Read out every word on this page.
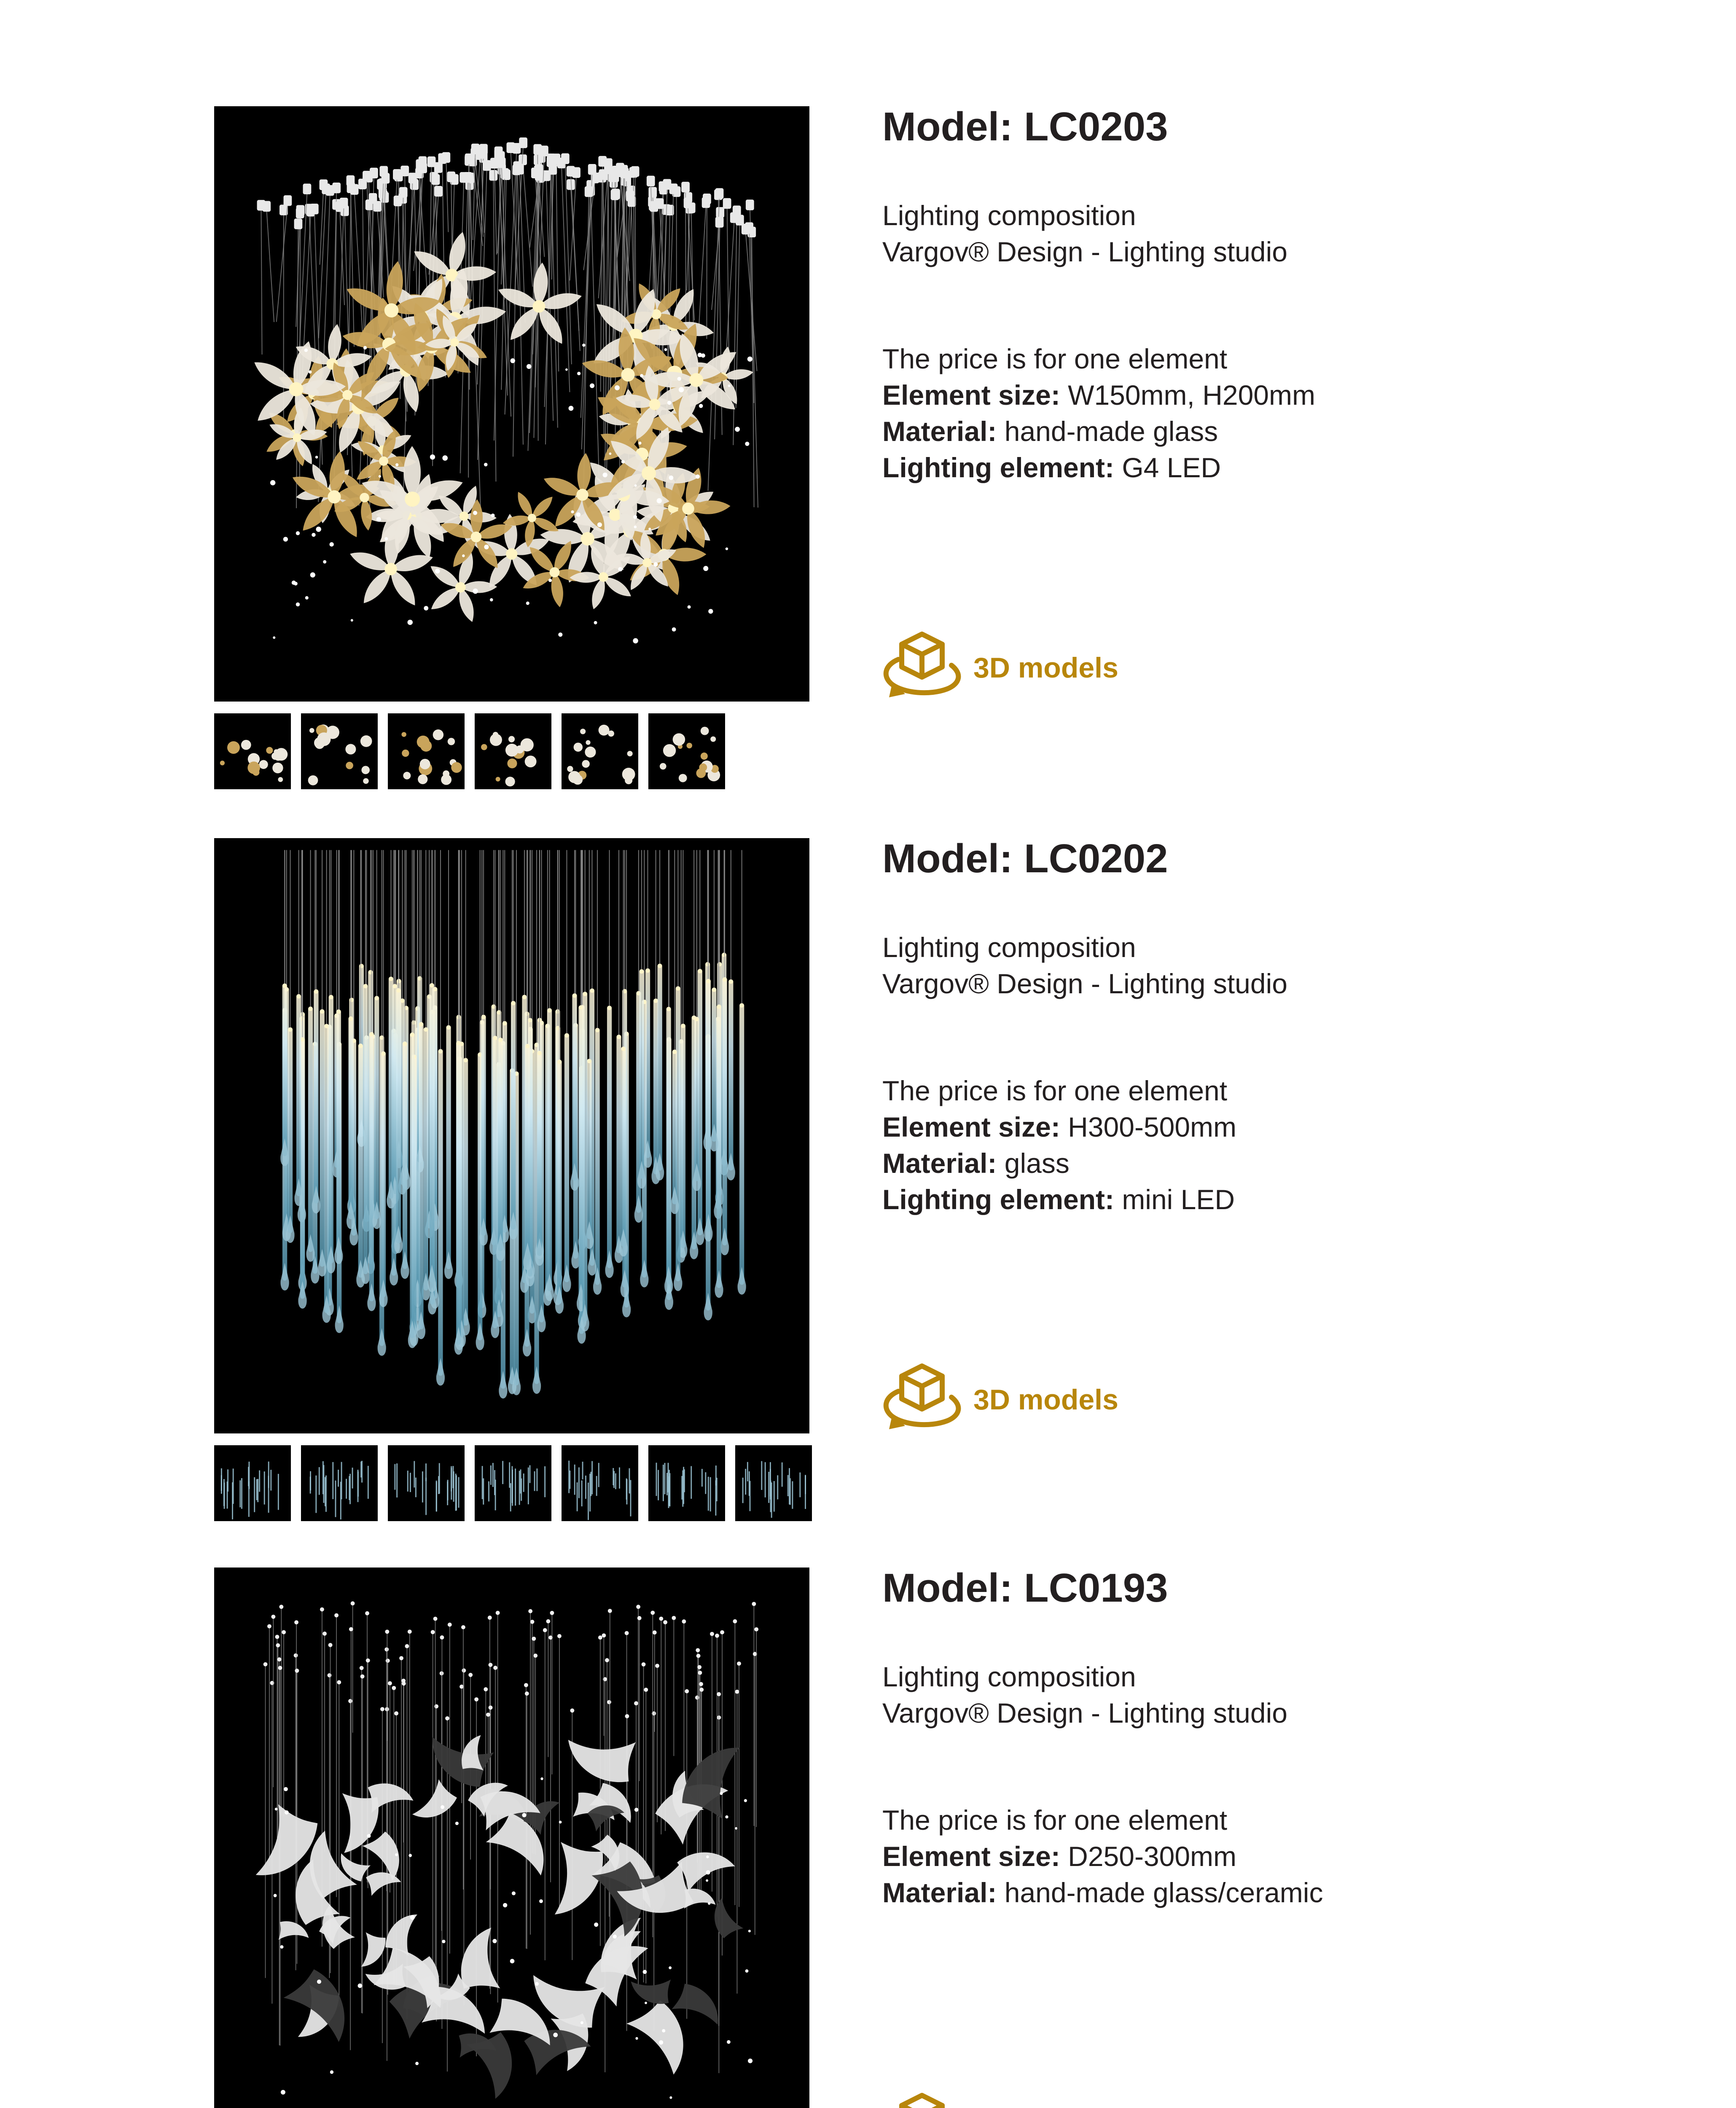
Model: LC0203
Lighting composition
Vargov® Design - Lighting studio
The price is for one element
Element size: W150mm, H200mm
Material: hand-made glass
Lighting element: G4 LED
3D models
Model: LC0202
Lighting composition
Vargov® Design - Lighting studio
The price is for one element
Element size: H300-500mm
Material: glass
Lighting element: mini LED
3D models
Model: LC0193
Lighting composition
Vargov® Design - Lighting studio
The price is for one element
Element size: D250-300mm
Material: hand-made glass/ceramic
